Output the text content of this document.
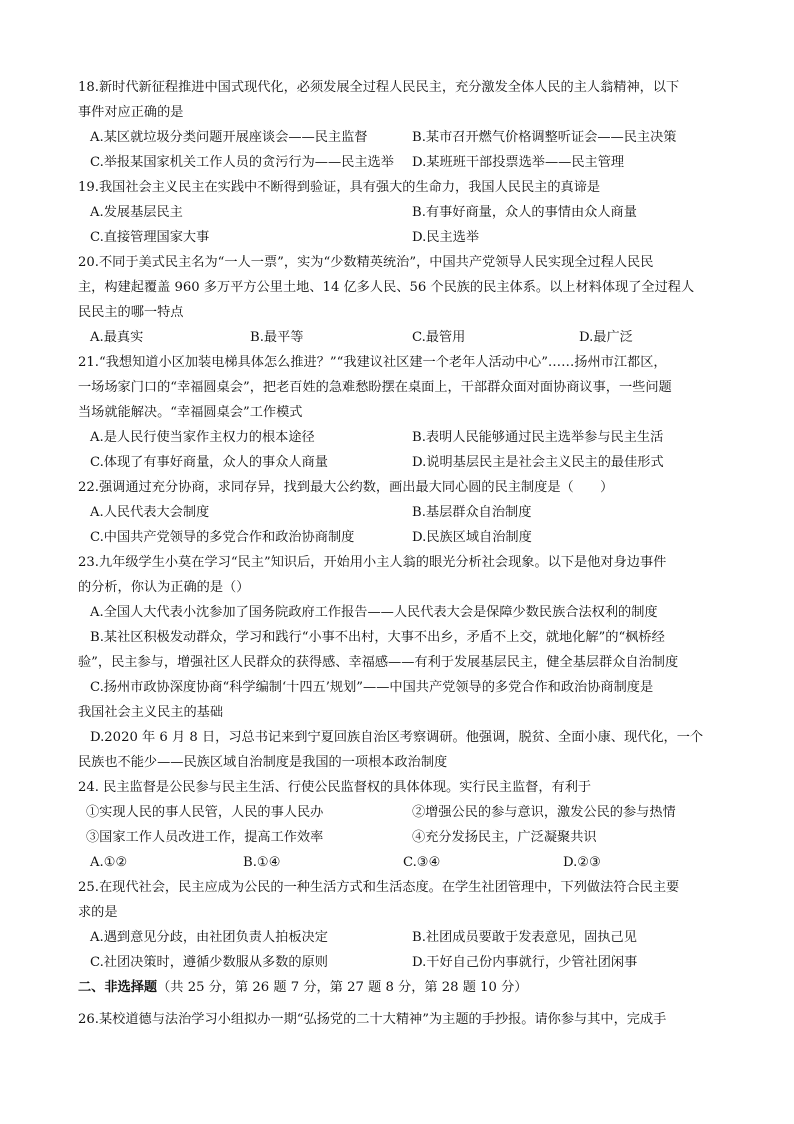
18.新时代新征程推进中国式现代化，必须发展全过程人民民主，充分激发全体人民的主人翁精神，以下
事件对应正确的是
A.某区就垃圾分类问题开展座谈会——民主监督	B.某市召开燃气价格调整听证会——民主决策
C.举报某国家机关工作人员的贪污行为——民主选举 D.某班班干部投票选举——民主管理
19.我国社会主义民主在实践中不断得到验证，具有强大的生命力，我国人民民主的真谛是
A.发展基层民主	B.有事好商量，众人的事情由众人商量
C.直接管理国家大事	D.民主选举
20.不同于美式民主名为“一人一票”，实为“少数精英统治”，中国共产党领导人民实现全过程人民民
主，构建起覆盖 960 多万平方公里土地、14 亿多人民、56 个民族的民主体系。以上材料体现了全过程人
民民主的哪一特点
A.最真实	B.最平等	C.最管用	D.最广泛
21.“我想知道小区加装电梯具体怎么推进？”“我建议社区建一个老年人活动中心”……扬州市江都区，
一场场家门口的“幸福圆桌会”，把老百姓的急难愁盼摆在桌面上，干部群众面对面协商议事，一些问题
当场就能解决。“幸福圆桌会”工作模式
A.是人民行使当家作主权力的根本途径	B.表明人民能够通过民主选举参与民主生活
C.体现了有事好商量，众人的事众人商量	D.说明基层民主是社会主义民主的最佳形式
22.强调通过充分协商，求同存异，找到最大公约数，画出最大同心圆的民主制度是（　　）
A.人民代表大会制度	B.基层群众自治制度
C.中国共产党领导的多党合作和政治协商制度	D.民族区域自治制度
23.九年级学生小莫在学习“民主”知识后，开始用小主人翁的眼光分析社会现象。以下是他对身边事件
的分析，你认为正确的是（）
A.全国人大代表小沈参加了国务院政府工作报告——人民代表大会是保障少数民族合法权利的制度
B.某社区积极发动群众，学习和践行“小事不出村，大事不出乡，矛盾不上交，就地化解”的“枫桥经
验”，民主参与，增强社区人民群众的获得感、幸福感——有利于发展基层民主，健全基层群众自治制度
C.扬州市政协深度协商“科学编制‘十四五’规划”——中国共产党领导的多党合作和政治协商制度是
我国社会主义民主的基础
D.2020 年 6 月 8 日，习总书记来到宁夏回族自治区考察调研。他强调，脱贫、全面小康、现代化，一个
民族也不能少——民族区域自治制度是我国的一项根本政治制度
24. 民主监督是公民参与民主生活、行使公民监督权的具体体现。实行民主监督，有利于
①实现人民的事人民管，人民的事人民办	②增强公民的参与意识，激发公民的参与热情
③国家工作人员改进工作，提高工作效率	④充分发扬民主，广泛凝聚共识
A.①②	B.①④	C.③④	D.②③
25.在现代社会，民主应成为公民的一种生活方式和生活态度。在学生社团管理中，下列做法符合民主要
求的是
A.遇到意见分歧，由社团负责人拍板决定	B.社团成员要敢于发表意见，固执己见
C.社团决策时，遵循少数服从多数的原则	D.干好自己份内事就行，少管社团闲事
二、非选择题（共 25 分，第 26 题 7 分，第 27 题 8 分，第 28 题 10 分）
26.某校道德与法治学习小组拟办一期“弘扬党的二十大精神”为主题的手抄报。请你参与其中，完成手
